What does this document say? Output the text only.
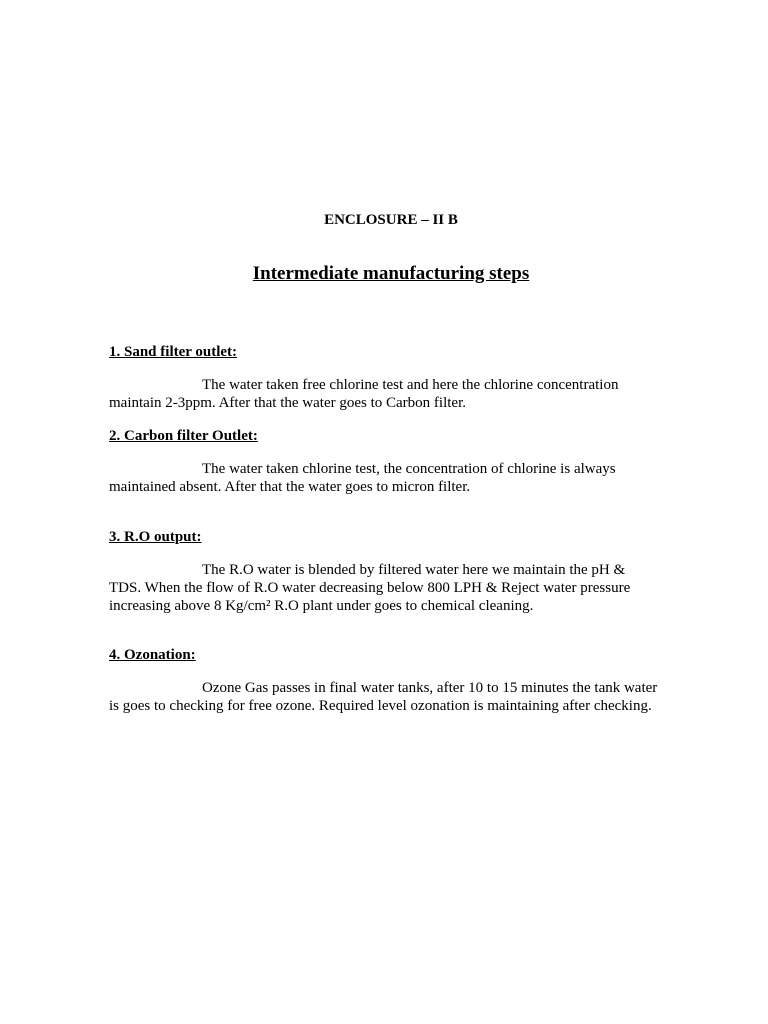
ENCLOSURE – II B
Intermediate manufacturing steps
1. Sand filter outlet:
The water taken free chlorine test and here the chlorine concentration
maintain 2-3ppm. After that the water goes to Carbon filter.
2. Carbon filter Outlet:
The water taken chlorine test, the concentration of chlorine is always
maintained absent. After that the water goes to micron filter.
3. R.O output:
The R.O water is blended by filtered water here we maintain the pH &
TDS. When the flow of R.O water decreasing below 800 LPH & Reject water pressure
increasing above 8 Kg/cm² R.O plant under goes to chemical cleaning.
4. Ozonation:
Ozone Gas passes in final water tanks, after 10 to 15 minutes the tank water
is goes to checking for free ozone. Required level ozonation is maintaining after checking.
